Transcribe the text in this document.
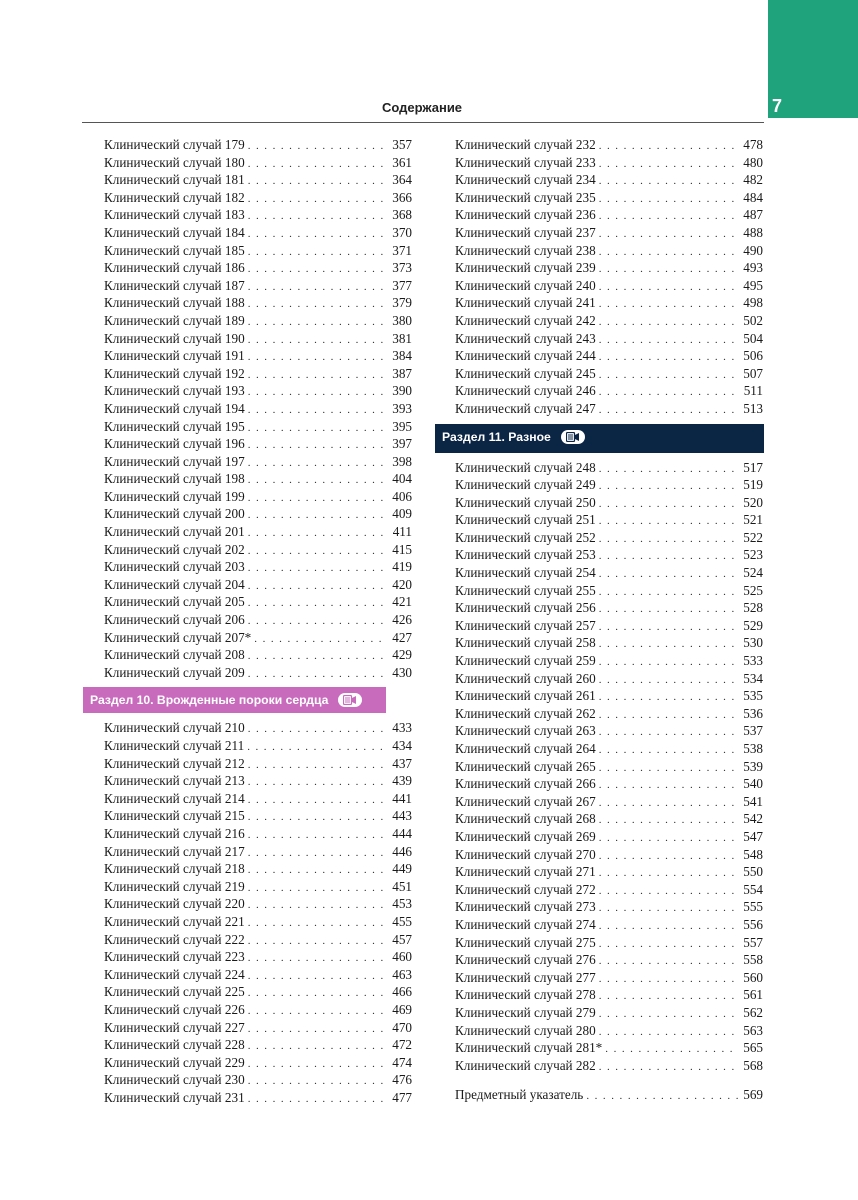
7
Содержание
Клинический случай 179 . . .	357
Клинический случай 180 . . .	361
Клинический случай 181 . . .	364
Клинический случай 182 . . .	366
Клинический случай 183 . . .	368
Клинический случай 184 . . .	370
Клинический случай 185 . . .	371
Клинический случай 186 . . .	373
Клинический случай 187 . . .	377
Клинический случай 188 . . .	379
Клинический случай 189 . . .	380
Клинический случай 190 . . .	381
Клинический случай 191 . . .	384
Клинический случай 192 . . .	387
Клинический случай 193 . . .	390
Клинический случай 194 . . .	393
Клинический случай 195 . . .	395
Клинический случай 196 . . .	397
Клинический случай 197 . . .	398
Клинический случай 198 . . .	404
Клинический случай 199 . . .	406
Клинический случай 200 . . .	409
Клинический случай 201 . . .	411
Клинический случай 202 . . .	415
Клинический случай 203 . . .	419
Клинический случай 204 . . .	420
Клинический случай 205 . . .	421
Клинический случай 206 . . .	426
Клинический случай 207* . . .	427
Клинический случай 208 . . .	429
Клинический случай 209 . . .	430
Раздел 10. Врожденные пороки сердца
Клинический случай 210 . . .	433
Клинический случай 211 . . .	434
Клинический случай 212 . . .	437
Клинический случай 213 . . .	439
Клинический случай 214 . . .	441
Клинический случай 215 . . .	443
Клинический случай 216 . . .	444
Клинический случай 217 . . .	446
Клинический случай 218 . . .	449
Клинический случай 219 . . .	451
Клинический случай 220 . . .	453
Клинический случай 221 . . .	455
Клинический случай 222 . . .	457
Клинический случай 223 . . .	460
Клинический случай 224 . . .	463
Клинический случай 225 . . .	466
Клинический случай 226 . . .	469
Клинический случай 227 . . .	470
Клинический случай 228 . . .	472
Клинический случай 229 . . .	474
Клинический случай 230 . . .	476
Клинический случай 231 . . .	477
Клинический случай 232 . . .	478
Клинический случай 233 . . .	480
Клинический случай 234 . . .	482
Клинический случай 235 . . .	484
Клинический случай 236 . . .	487
Клинический случай 237 . . .	488
Клинический случай 238 . . .	490
Клинический случай 239 . . .	493
Клинический случай 240 . . .	495
Клинический случай 241 . . .	498
Клинический случай 242 . . .	502
Клинический случай 243 . . .	504
Клинический случай 244 . . .	506
Клинический случай 245 . . .	507
Клинический случай 246 . . .	511
Клинический случай 247 . . .	513
Раздел 11. Разное
Клинический случай 248 . . .	517
Клинический случай 249 . . .	519
Клинический случай 250 . . .	520
Клинический случай 251 . . .	521
Клинический случай 252 . . .	522
Клинический случай 253 . . .	523
Клинический случай 254 . . .	524
Клинический случай 255 . . .	525
Клинический случай 256 . . .	528
Клинический случай 257 . . .	529
Клинический случай 258 . . .	530
Клинический случай 259 . . .	533
Клинический случай 260 . . .	534
Клинический случай 261 . . .	535
Клинический случай 262 . . .	536
Клинический случай 263 . . .	537
Клинический случай 264 . . .	538
Клинический случай 265 . . .	539
Клинический случай 266 . . .	540
Клинический случай 267 . . .	541
Клинический случай 268 . . .	542
Клинический случай 269 . . .	547
Клинический случай 270 . . .	548
Клинический случай 271 . . .	550
Клинический случай 272 . . .	554
Клинический случай 273 . . .	555
Клинический случай 274 . . .	556
Клинический случай 275 . . .	557
Клинический случай 276 . . .	558
Клинический случай 277 . . .	560
Клинический случай 278 . . .	561
Клинический случай 279 . . .	562
Клинический случай 280 . . .	563
Клинический случай 281* . . .	565
Клинический случай 282 . . .	568
Предметный указатель . . .	569
